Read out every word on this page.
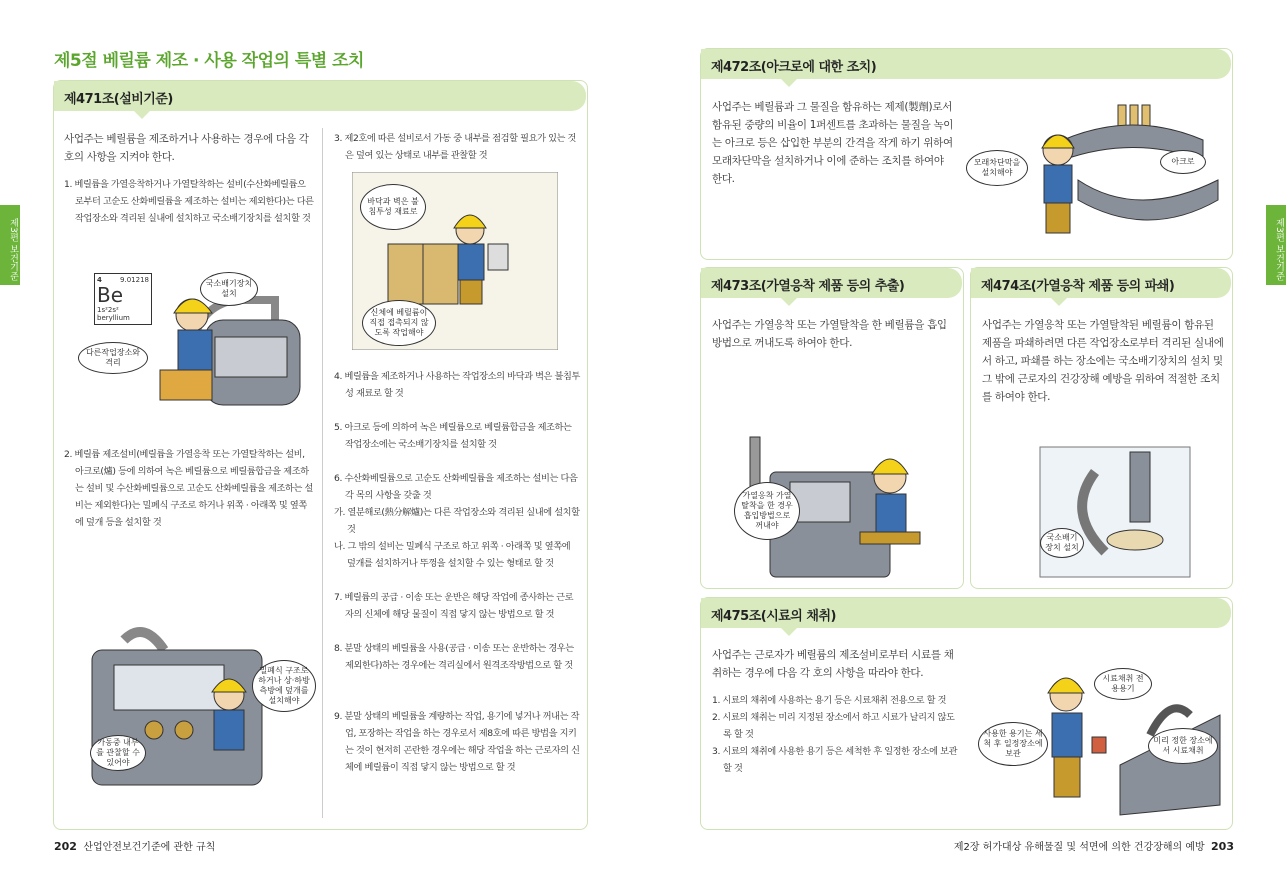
제5절 베릴륨 제조 · 사용 작업의 특별 조치
제3편 보건기준	제3편 보건기준
제471조(설비기준)
사업주는 베릴륨을 제조하거나 사용하는 경우에 다음 각 호의 사항을 지켜야 한다.
1. 베릴륨을 가열응착하거나 가열탈착하는 설비(수산화베릴륨으로부터 고순도 산화베릴륨을 제조하는 설비는 제외한다)는 다른 작업장소와 격리된 실내에 설치하고 국소배기장치를 설치할 것
4	9.01218
Be
1s²2s²
beryllium
국소배기장치 설치
다른작업장소와 격리
2. 베릴륨 제조설비(베릴륨을 가열응착 또는 가열탈착하는 설비, 아크로(爐) 등에 의하여 녹은 베릴륨으로 베릴륨합금을 제조하는 설비 및 수산화베릴륨으로 고순도 산화베릴륨을 제조하는 설비는 제외한다)는 밀폐식 구조로 하거나 위쪽 · 아래쪽 및 옆쪽에 덮개 등을 설치할 것
밀폐식 구조로 하거나 상·하방 측방에 덮개를 설치해야
가동중 내부를 관찰할 수 있어야
3. 제2호에 따른 설비로서 가동 중 내부를 점검할 필요가 있는 것은 덮여 있는 상태로 내부를 관찰할 것
바닥과 벽은 불침투성 재료로
신체에 베릴륨이 직접 접촉되지 않도록 작업해야
4. 베릴륨을 제조하거나 사용하는 작업장소의 바닥과 벽은 불침투성 재료로 할 것
5. 아크로 등에 의하여 녹은 베릴륨으로 베릴륨합금을 제조하는 작업장소에는 국소배기장치를 설치할 것
6. 수산화베릴륨으로 고순도 산화베릴륨을 제조하는 설비는 다음 각 목의 사항을 갖출 것
가. 열분해로(熱分解爐)는 다른 작업장소와 격리된 실내에 설치할 것
나. 그 밖의 설비는 밀폐식 구조로 하고 위쪽 · 아래쪽 및 옆쪽에 덮개를 설치하거나 뚜껑을 설치할 수 있는 형태로 할 것
7. 베릴륨의 공급 · 이송 또는 운반은 해당 작업에 종사하는 근로자의 신체에 해당 물질이 직접 닿지 않는 방법으로 할 것
8. 분말 상태의 베릴륨을 사용(공급 · 이송 또는 운반하는 경우는 제외한다)하는 경우에는 격리실에서 원격조작방법으로 할 것
9. 분말 상태의 베릴륨을 계량하는 작업, 용기에 넣거나 꺼내는 작업, 포장하는 작업을 하는 경우로서 제8호에 따른 방법을 지키는 것이 현저히 곤란한 경우에는 해당 작업을 하는 근로자의 신체에 베릴륨이 직접 닿지 않는 방법으로 할 것
202 산업안전보건기준에 관한 규칙
제472조(아크로에 대한 조치)
사업주는 베릴륨과 그 물질을 함유하는 제제(製劑)로서 함유된 중량의 비율이 1퍼센트를 초과하는 물질을 녹이는 아크로 등은 삽입한 부분의 간격을 작게 하기 위하여 모래차단막을 설치하거나 이에 준하는 조치를 하여야 한다.
모래차단막을 설치해야
아크로
제473조(가열응착 제품 등의 추출)
사업주는 가열응착 또는 가열탈착을 한 베릴륨을 흡입방법으로 꺼내도록 하여야 한다.
가열응착 가열탈착을 한 경우 흡입방법으로 꺼내야
제474조(가열응착 제품 등의 파쇄)
사업주는 가열응착 또는 가열탈착된 베릴륨이 함유된 제품을 파쇄하려면 다른 작업장소로부터 격리된 실내에서 하고, 파쇄를 하는 장소에는 국소배기장치의 설치 및 그 밖에 근로자의 건강장해 예방을 위하여 적절한 조치를 하여야 한다.
국소배기 장치 설치
제475조(시료의 채취)
사업주는 근로자가 베릴륨의 제조설비로부터 시료를 채취하는 경우에 다음 각 호의 사항을 따라야 한다.
1. 시료의 채취에 사용하는 용기 등은 시료채취 전용으로 할 것
2. 시료의 채취는 미리 지정된 장소에서 하고 시료가 날리지 않도록 할 것
3. 시료의 채취에 사용한 용기 등은 세척한 후 일정한 장소에 보관할 것
시료채취 전용용기
사용한 용기는 세척 후 일정장소에 보관
미리 정한 장소에서 시료채취
제2장 허가대상 유해물질 및 석면에 의한 건강장해의 예방 203
